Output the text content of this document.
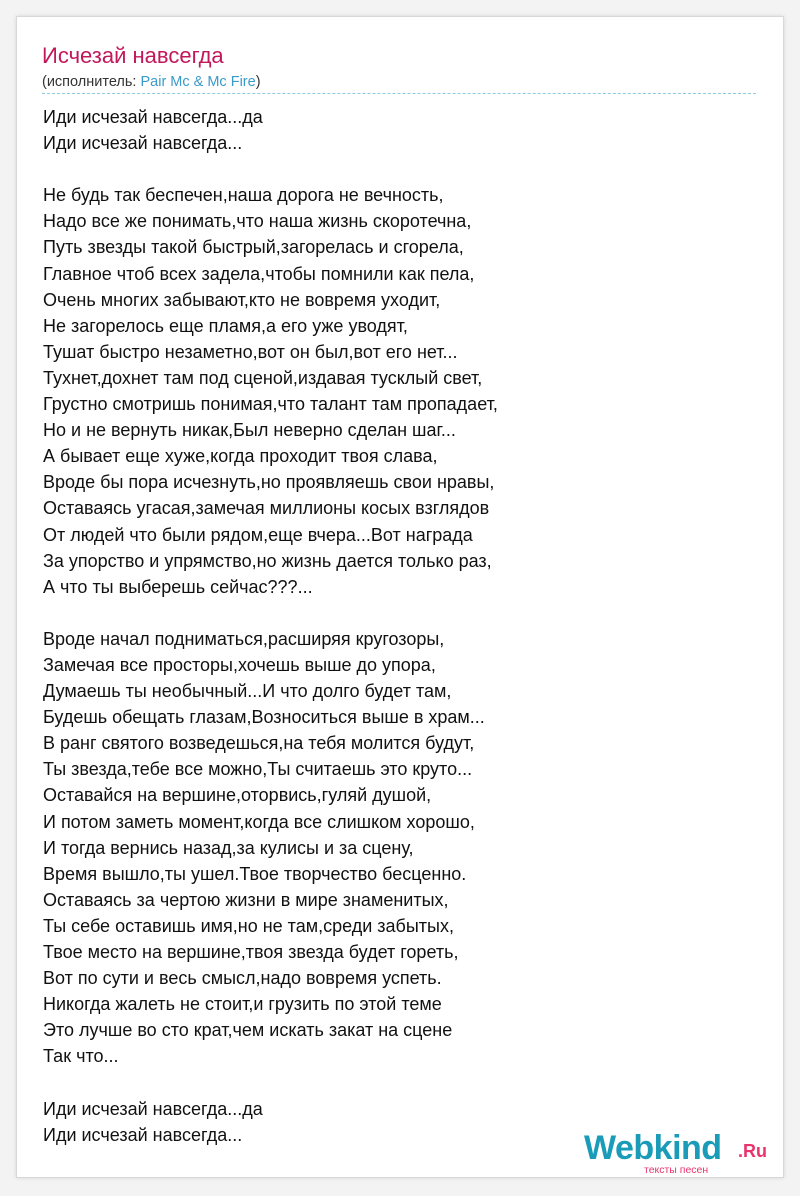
Исчезай навсегда
(исполнитель: Pair Mc & Mc Fire)
Иди исчезай навсегда...да
Иди исчезай навсегда...
Не будь так беспечен,наша дорога не вечность,
Надо все же понимать,что наша жизнь скоротечна,
Путь звезды такой быстрый,загорелась и сгорела,
Главное чтоб всех задела,чтобы помнили как пела,
Очень многих забывают,кто не вовремя уходит,
Не загорелось еще пламя,а его уже уводят,
Тушат быстро незаметно,вот он был,вот его нет...
Тухнет,дохнет там под сценой,издавая тусклый свет,
Грустно смотришь понимая,что талант там пропадает,
Но и не вернуть никак,Был неверно сделан шаг...
А бывает еще хуже,когда проходит твоя слава,
Вроде бы пора исчезнуть,но проявляешь свои нравы,
Оставаясь угасая,замечая миллионы косых взглядов
От людей что были рядом,еще вчера...Вот награда
За упорство и упрямство,но жизнь дается только раз,
А что ты выберешь сейчас???...
Вроде начал подниматься,расширяя кругозоры,
Замечая все просторы,хочешь выше до упора,
Думаешь ты необычный...И что долго будет там,
Будешь обещать глазам,Возноситься выше в храм...
В ранг святого возведешься,на тебя молится будут,
Ты звезда,тебе все можно,Ты считаешь это круто...
Оставайся на вершине,оторвись,гуляй душой,
И потом заметь момент,когда все слишком хорошо,
И тогда вернись назад,за кулисы и за сцену,
Время вышло,ты ушел.Твое творчество бесценно.
Оставаясь за чертою жизни в мире знаменитых,
Ты себе оставишь имя,но не там,среди забытых,
Твое место на вершине,твоя звезда будет гореть,
Вот по сути и весь смысл,надо вовремя успеть.
Никогда жалеть не стоит,и грузить по этой теме
Это лучше во сто крат,чем искать закат на сцене
Так что...
Иди исчезай навсегда...да
Иди исчезай навсегда...	Webkind .Ru
тексты песен
